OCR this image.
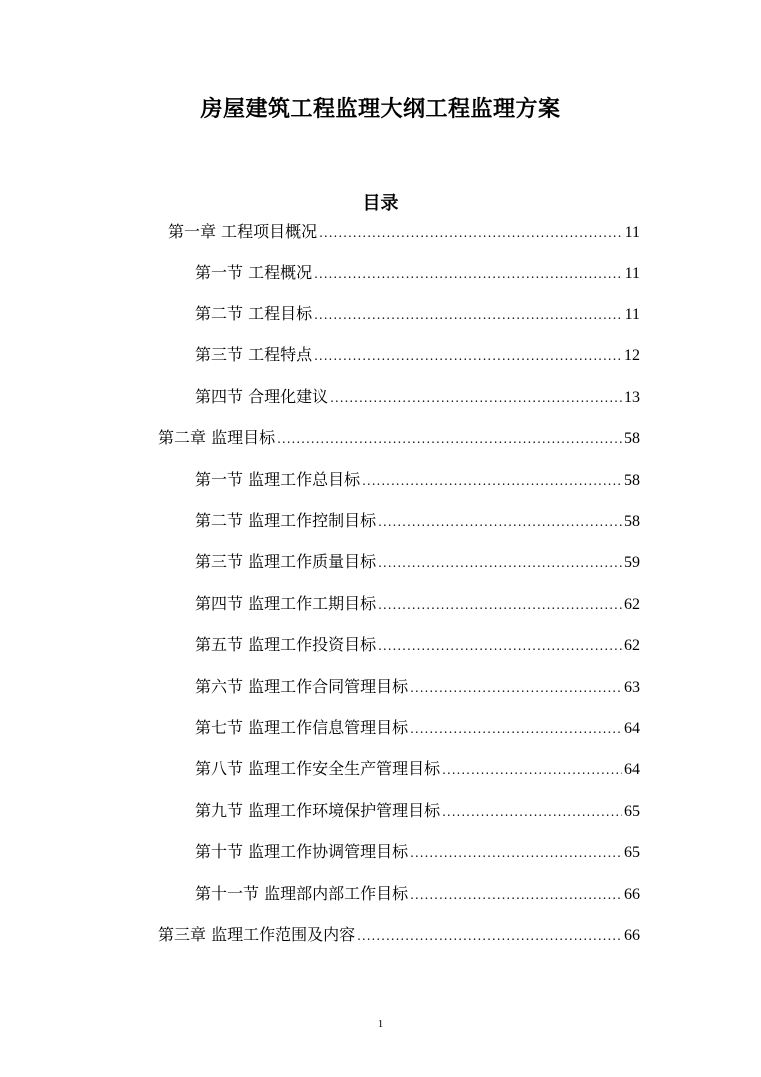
房屋建筑工程监理大纲工程监理方案
目录
第一章 工程项目概况 .....	11
第一节 工程概况 .....	11
第二节 工程目标 .....	11
第三节 工程特点 .....	12
第四节 合理化建议 .....	13
第二章 监理目标 .....	58
第一节 监理工作总目标 .....	58
第二节 监理工作控制目标 .....	58
第三节 监理工作质量目标 .....	59
第四节 监理工作工期目标 .....	62
第五节 监理工作投资目标 .....	62
第六节 监理工作合同管理目标 .....	63
第七节 监理工作信息管理目标 .....	64
第八节 监理工作安全生产管理目标 .....	64
第九节 监理工作环境保护管理目标 .....	65
第十节 监理工作协调管理目标 .....	65
第十一节 监理部内部工作目标 .....	66
第三章 监理工作范围及内容 .....	66
1
